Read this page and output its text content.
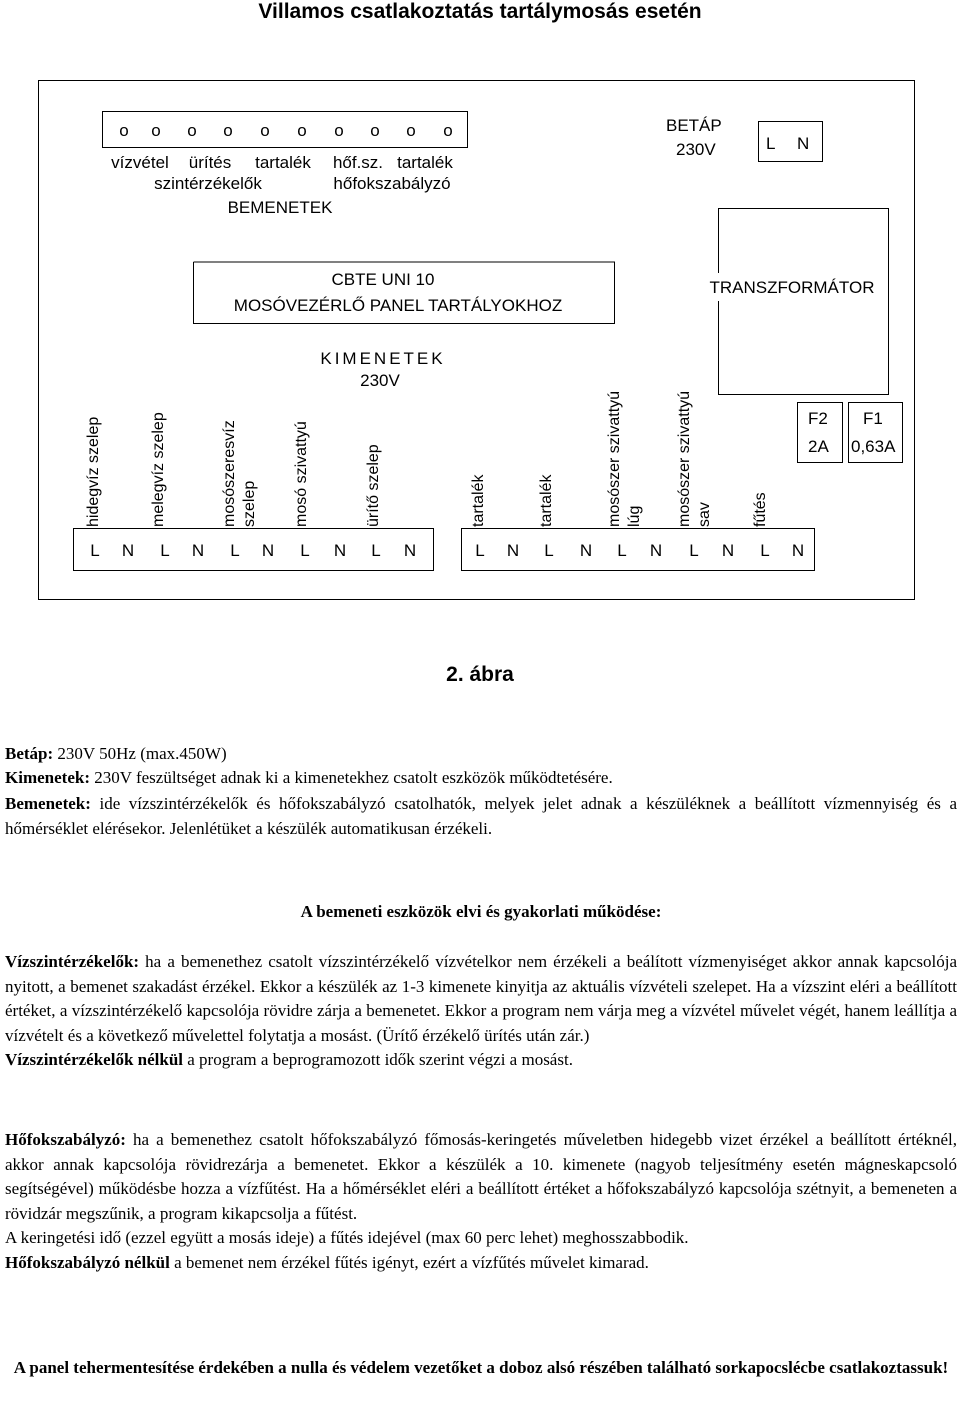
Villamos csatlakoztatás tartálymosás esetén
o o o o o o o o o o
vízvétel ürítés tartalék hőf.sz. tartalék
szintérzékelők	hőfokszabályzó
BEMENETEK
BETÁP
230V	L N
CBTE UNI 10
MOSÓVEZÉRLŐ PANEL TARTÁLYOKHOZ
TRANSZFORMÁTOR
F2
2A
F1
0,63A
KIMENETEK
230V
hidegvíz szelep	melegvíz szelep	mosószeresvíz szelep mosó szivattyú	ürítő szelep	tartalék	tartalék	mosószer szivattyú lúg mosószer szivattyú sav fűtés
L N L N L N L N L N	L N L N L N L N L N
2. ábra
Betáp: 230V 50Hz (max.450W)
Kimenetek: 230V feszültséget adnak ki a kimenetekhez csatolt eszközök működtetésére.
Bemenetek: ide vízszintérzékelők és hőfokszabályzó csatolhatók, melyek jelet adnak a készüléknek a beállított vízmennyiség és a hőmérséklet elérésekor. Jelenlétüket a készülék automatikusan érzékeli.
A bemeneti eszközök elvi és gyakorlati működése:
Vízszintérzékelők: ha a bemenethez csatolt vízszintérzékelő vízvételkor nem érzékeli a beálított vízmenyiséget akkor annak kapcsolója nyitott, a bemenet szakadást érzékel. Ekkor a készülék az 1-3 kimenete kinyitja az aktuális vízvételi szelepet. Ha a vízszint eléri a beállított értéket, a vízszintérzékelő kapcsolója rövidre zárja a bemenetet. Ekkor a program nem várja meg a vízvétel művelet végét, hanem leállítja a vízvételt és a következő művelettel folytatja a mosást. (Ürítő érzékelő ürítés után zár.)
Vízszintérzékelők nélkül a program a beprogramozott idők szerint végzi a mosást.
Hőfokszabályzó: ha a bemenethez csatolt hőfokszabályzó főmosás-keringetés műveletben hidegebb vizet érzékel a beállított értéknél, akkor annak kapcsolója rövidrezárja a bemenetet. Ekkor a készülék a 10. kimenete (nagyob teljesítmény esetén mágneskapcsoló segítségével) működésbe hozza a vízfűtést. Ha a hőmérséklet eléri a beállított értéket a hőfokszabályzó kapcsolója szétnyit, a bemeneten a rövidzár megszűnik, a program kikapcsolja a fűtést.
A keringetési idő (ezzel együtt a mosás ideje) a fűtés idejével (max 60 perc lehet) meghosszabbodik.
Hőfokszabályzó nélkül a bemenet nem érzékel fűtés igényt, ezért a vízfűtés művelet kimarad.
A panel tehermentesítése érdekében a nulla és védelem vezetőket a doboz alsó részében található sorkapocslécbe csatlakoztassuk!
